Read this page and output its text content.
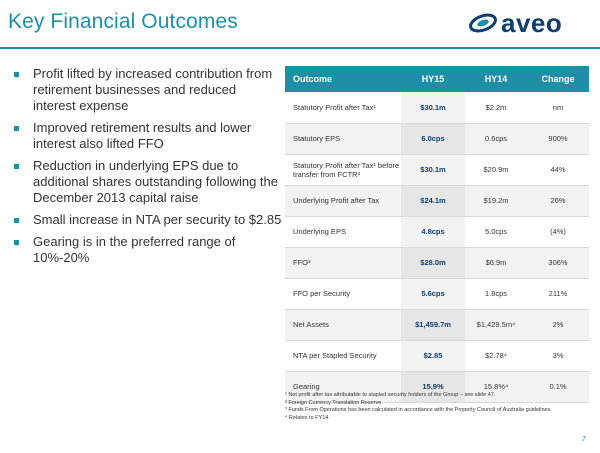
Key Financial Outcomes	aveo
Profit lifted by increased contribution from retirement businesses and reduced interest expense
Improved retirement results and lower interest also lifted FFO
Reduction in underlying EPS due to additional shares outstanding following the December 2013 capital raise
Small increase in NTA per security to $2.85
Gearing is in the preferred range of 10%-20%
Outcome	HY15	HY14	Change
Statutory Profit after Tax¹	$30.1m	$2.2m	nm
Statutory EPS	6.0cps	0.6cps	900%
Statutory Profit after Tax¹ before transfer from FCTR²	$30.1m	$20.9m	44%
Underlying Profit after Tax	$24.1m	$19.2m	26%
Underlying EPS	4.8cps	5.0cps	(4%)
FFO³	$28.0m	$6.9m	306%
FFO per Security	5.6cps	1.8cps	211%
Net Assets	$1,459.7m	$1,429.5m⁴	2%
NTA per Stapled Security	$2.85	$2.78⁴	3%
Gearing	15.9%	15.8%⁴	0.1%
¹ Net profit after tax attributable to stapled security holders of the Group – see slide 47.
² Foreign Currency Translation Reserve
³ Funds From Operations has been calculated in accordance with the Property Council of Australia guidelines.
⁴ Relates to FY14.
7
